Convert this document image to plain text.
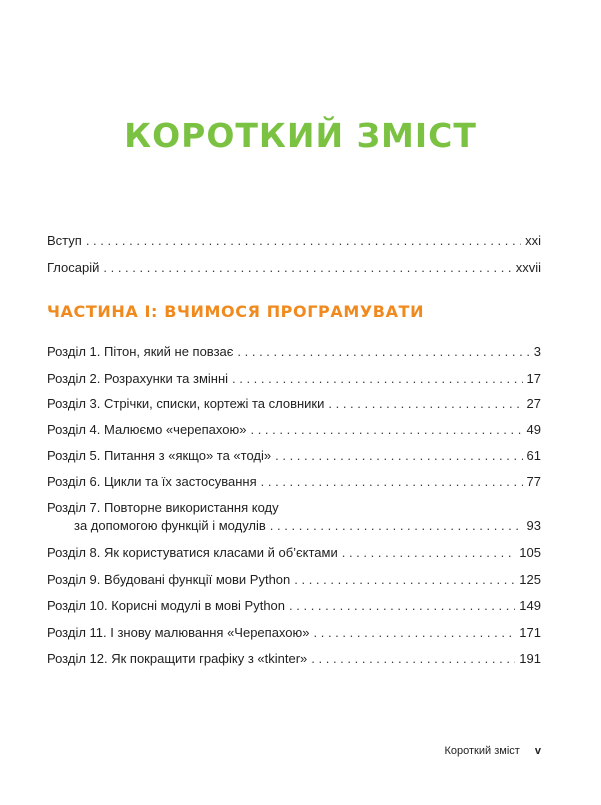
КОРОТКИЙ ЗМІСТ
Вступ . . .	xxi
Глосарій . . .	xxvii
ЧАСТИНА I: ВЧИМОСЯ ПРОГРАМУВАТИ
Розділ 1. Пітон, який не повзає . . .	3
Розділ 2. Розрахунки та змінні . . .	17
Розділ 3. Стрічки, списки, кортежі та словники . . .	27
Розділ 4. Малюємо «черепахою» . . .	49
Розділ 5. Питання з «якщо» та «тоді» . . .	61
Розділ 6. Цикли та їх застосування . . .	77
Розділ 7. Повторне використання коду
за допомогою функцій і модулів . . .	93
Розділ 8. Як користуватися класами й об’єктами . . .	105
Розділ 9. Вбудовані функції мови Python . . .	125
Розділ 10. Корисні модулі в мові Python . . .	149
Розділ 11. І знову малювання «Черепахою» . . .	171
Розділ 12. Як покращити графіку з «tkinter» . . .	191
Короткий зміст v
